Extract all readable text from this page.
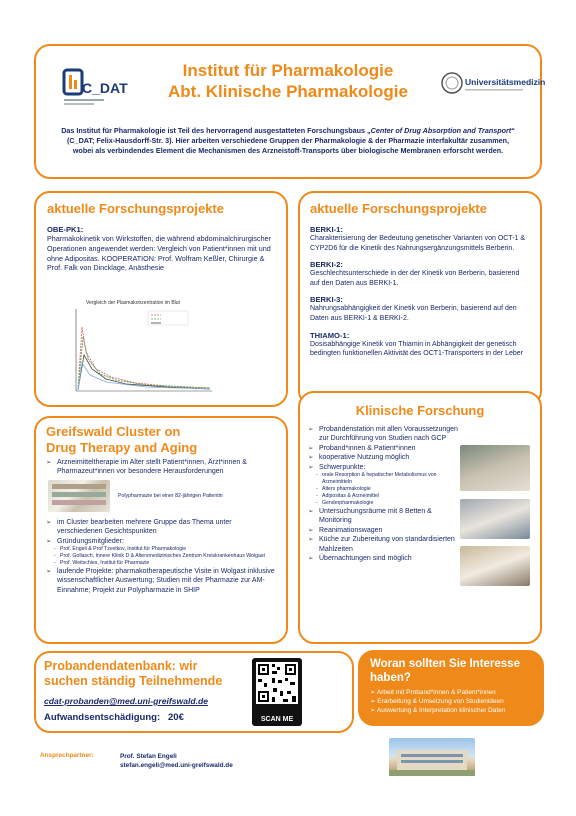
C_DAT
Institut für Pharmakologie
Abt. Klinische Pharmakologie	Universitätsmedizin
Das Institut für Pharmakologie ist Teil des hervorragend ausgestatteten Forschungsbaus „Center of Drug Absorption and Transport“ (C_DAT; Felix-Hausdorff-Str. 3). Hier arbeiten verschiedene Gruppen der Pharmakologie & der Pharmazie interfakultär zusammen, wobei als verbindendes Element die Mechanismen des Arzneistoff-Transports über biologische Membranen erforscht werden.
aktuelle Forschungsprojekte
OBE-PK1:
Pharmakokinetik von Wirkstoffen, die während abdominalchirurgischer Operationen angewendet werden: Vergleich von Patient*innen mit und ohne Adipositas. KOOPERATION: Prof. Wolfram Keßler, Chirurgie & Prof. Falk von Dincklage, Anästhesie
Vergleich der Plasmakonzentration im Blut
aktuelle Forschungsprojekte
BERKI-1:
Charakterisierung der Bedeutung genetischer Varianten von OCT-1 & CYP2D6 für die Kinetik des Nahrungsergänzungsmittels Berberin.
BERKI-2:
Geschlechtsunterschiede in der der Kinetik von Berberin, basierend auf den Daten aus BERKI-1.
BERKI-3:
Nahrungsabhängigkeit der Kinetik von Berberin, basierend auf den Daten aus BERKI-1 & BERKI-2.
THIAMO-1:
Dosisabhängige Kinetik von Thiamin in Abhängigkeit der genetisch bedingten funktionellen Aktivität des OCT1-Transporters in der Leber
Greifswald Cluster on
Drug Therapy and Aging
➢ Arzneimitteltherapie im Alter stellt Patient*innen, Ärzt*innen & Pharmazeut*innen vor besondere Herausforderungen
Polypharmazie bei einer 82-jährigen Patientin
➢ im Cluster bearbeiten mehrere Gruppe das Thema unter verschiedenen Gesichtspunkten
➢ Gründungsmitglieder:
- Prof. Engeli & Prof Tzvetkov, Institut für Pharmakologie
- Prof. Gollasch, Innere Klinik D & Altersmedizinisches Zentrum Kreiskrankenhaus Wolgast
- Prof. Weitschies, Institut für Pharmazie
➢ laufende Projekte: pharmakotherapeutische Visite in Wolgast inklusive wissenschaftlicher Auswertung; Studien mit der Pharmazie zur AM-Einnahme; Projekt zur Polypharmazie in SHIP
Klinische Forschung
➢ Probandenstation mit allen Voraussetzungen zur Durchführung von Studien nach GCP
➢ Proband*innen & Patient*innen
➢ kooperative Nutzung möglich
➢ Schwerpunkte:
- orale Resorption & hepatischer Metabolismus von Arzneimitteln
- Alters pharmakologie
- Adipositas & Arzneimittel
- Genderpharmakologie
➢ Untersuchungsräume mit 8 Betten & Monitoring
➢ Reanimationswagen
➢ Küche zur Zubereitung von standardisierten Mahlzeiten
➢ Übernachtungen sind möglich
Probandendatenbank: wir
suchen ständig Teilnehmende
cdat-probanden@med.uni-greifswald.de
Aufwandsentschädigung:   20€	SCAN ME
Woran sollten Sie Interesse
haben?
➢ Arbeit mit Proband*innen & Patient*innen
➢ Erarbeitung & Umsetzung von Studienideen
➢ Auswertung & Interpretation klinischer Daten
Ansprechpartner:	Prof. Stefan Engeli
stefan.engeli@med.uni-greifswald.de
